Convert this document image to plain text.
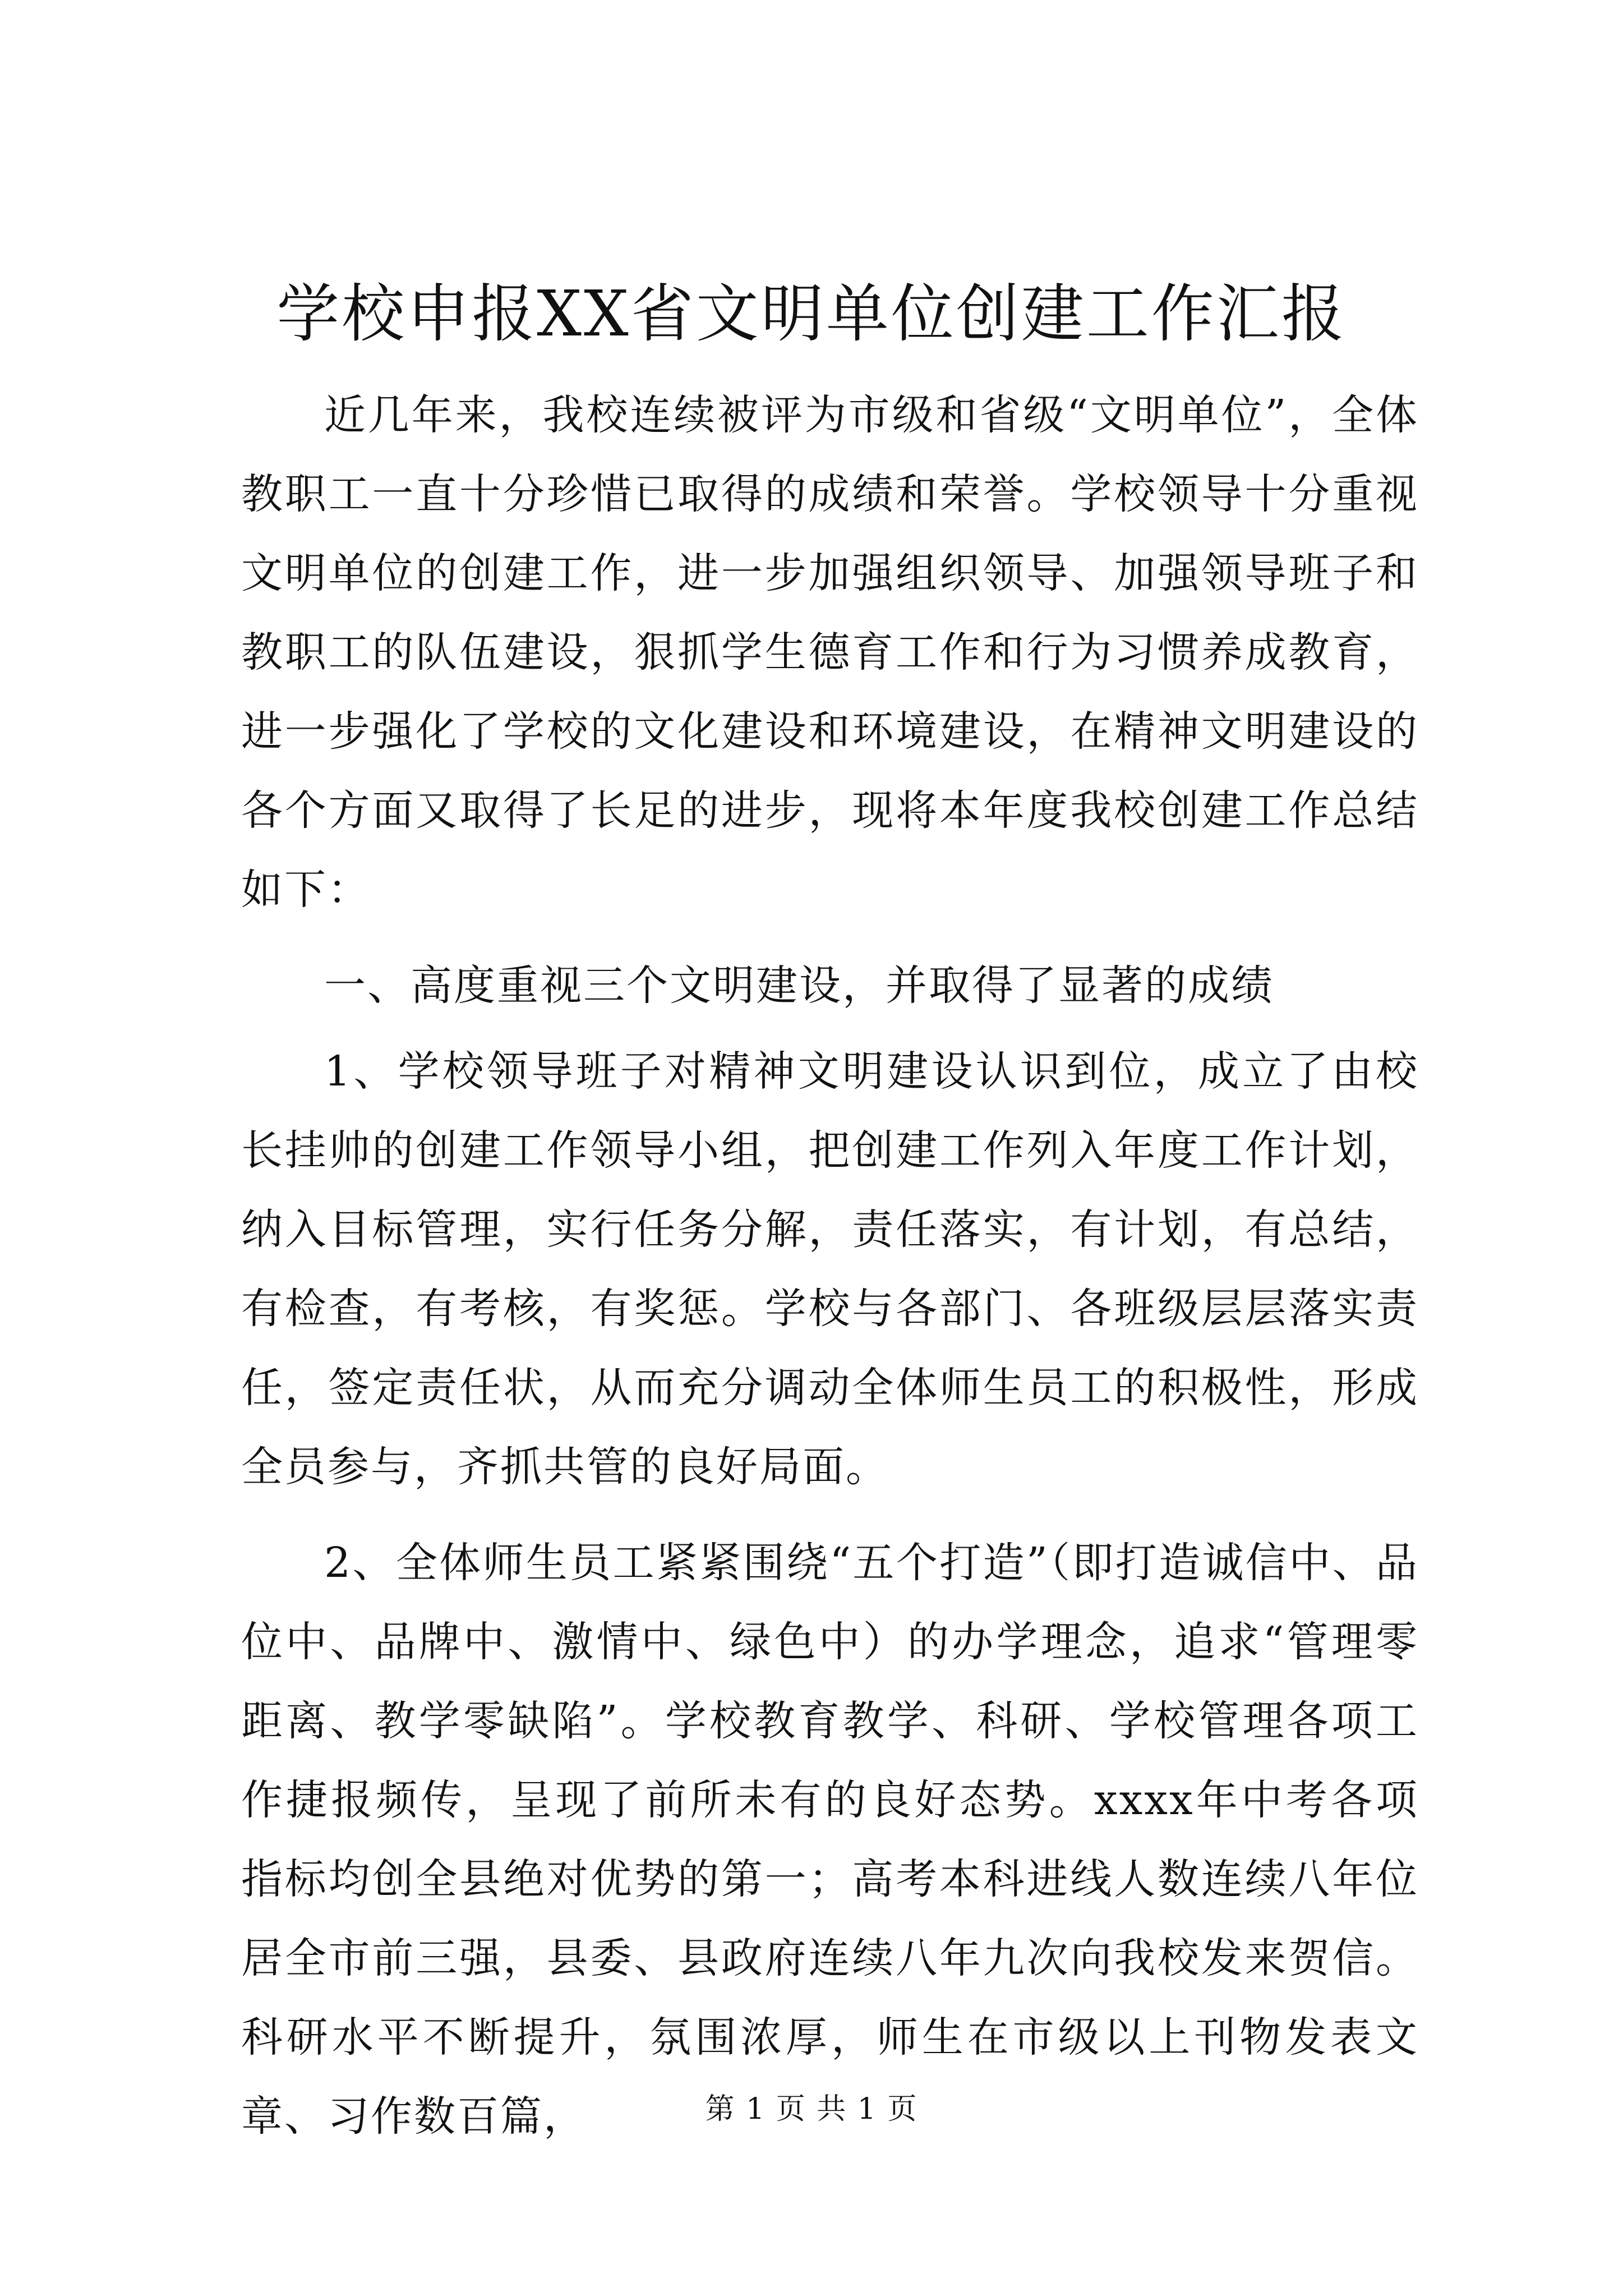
学校申报XX省文明单位创建工作汇报

近几年来，我校连续被评为市级和省级“文明单位”，全体教职工一直十分珍惜已取得的成绩和荣誉。学校领导十分重视文明单位的创建工作，进一步加强组织领导、加强领导班子和教职工的队伍建设，狠抓学生德育工作和行为习惯养成教育，进一步强化了学校的文化建设和环境建设，在精神文明建设的各个方面又取得了长足的进步，现将本年度我校创建工作总结如下：

一、高度重视三个文明建设，并取得了显著的成绩

1、学校领导班子对精神文明建设认识到位，成立了由校长挂帅的创建工作领导小组，把创建工作列入年度工作计划，纳入目标管理，实行任务分解，责任落实，有计划，有总结，有检查，有考核，有奖惩。学校与各部门、各班级层层落实责任，签定责任状，从而充分调动全体师生员工的积极性，形成全员参与，齐抓共管的良好局面。

2、全体师生员工紧紧围绕“五个打造”（即打造诚信中、品位中、品牌中、激情中、绿色中）的办学理念，追求“管理零距离、教学零缺陷”。学校教育教学、科研、学校管理各项工作捷报频传，呈现了前所未有的良好态势。xxxx年中考各项指标均创全县绝对优势的第一；高考本科进线人数连续八年位居全市前三强，县委、县政府连续八年九次向我校发来贺信。科研水平不断提升，氛围浓厚，师生在市级以上刊物发表文章、习作数百篇，	第 1 页 共 1 页
